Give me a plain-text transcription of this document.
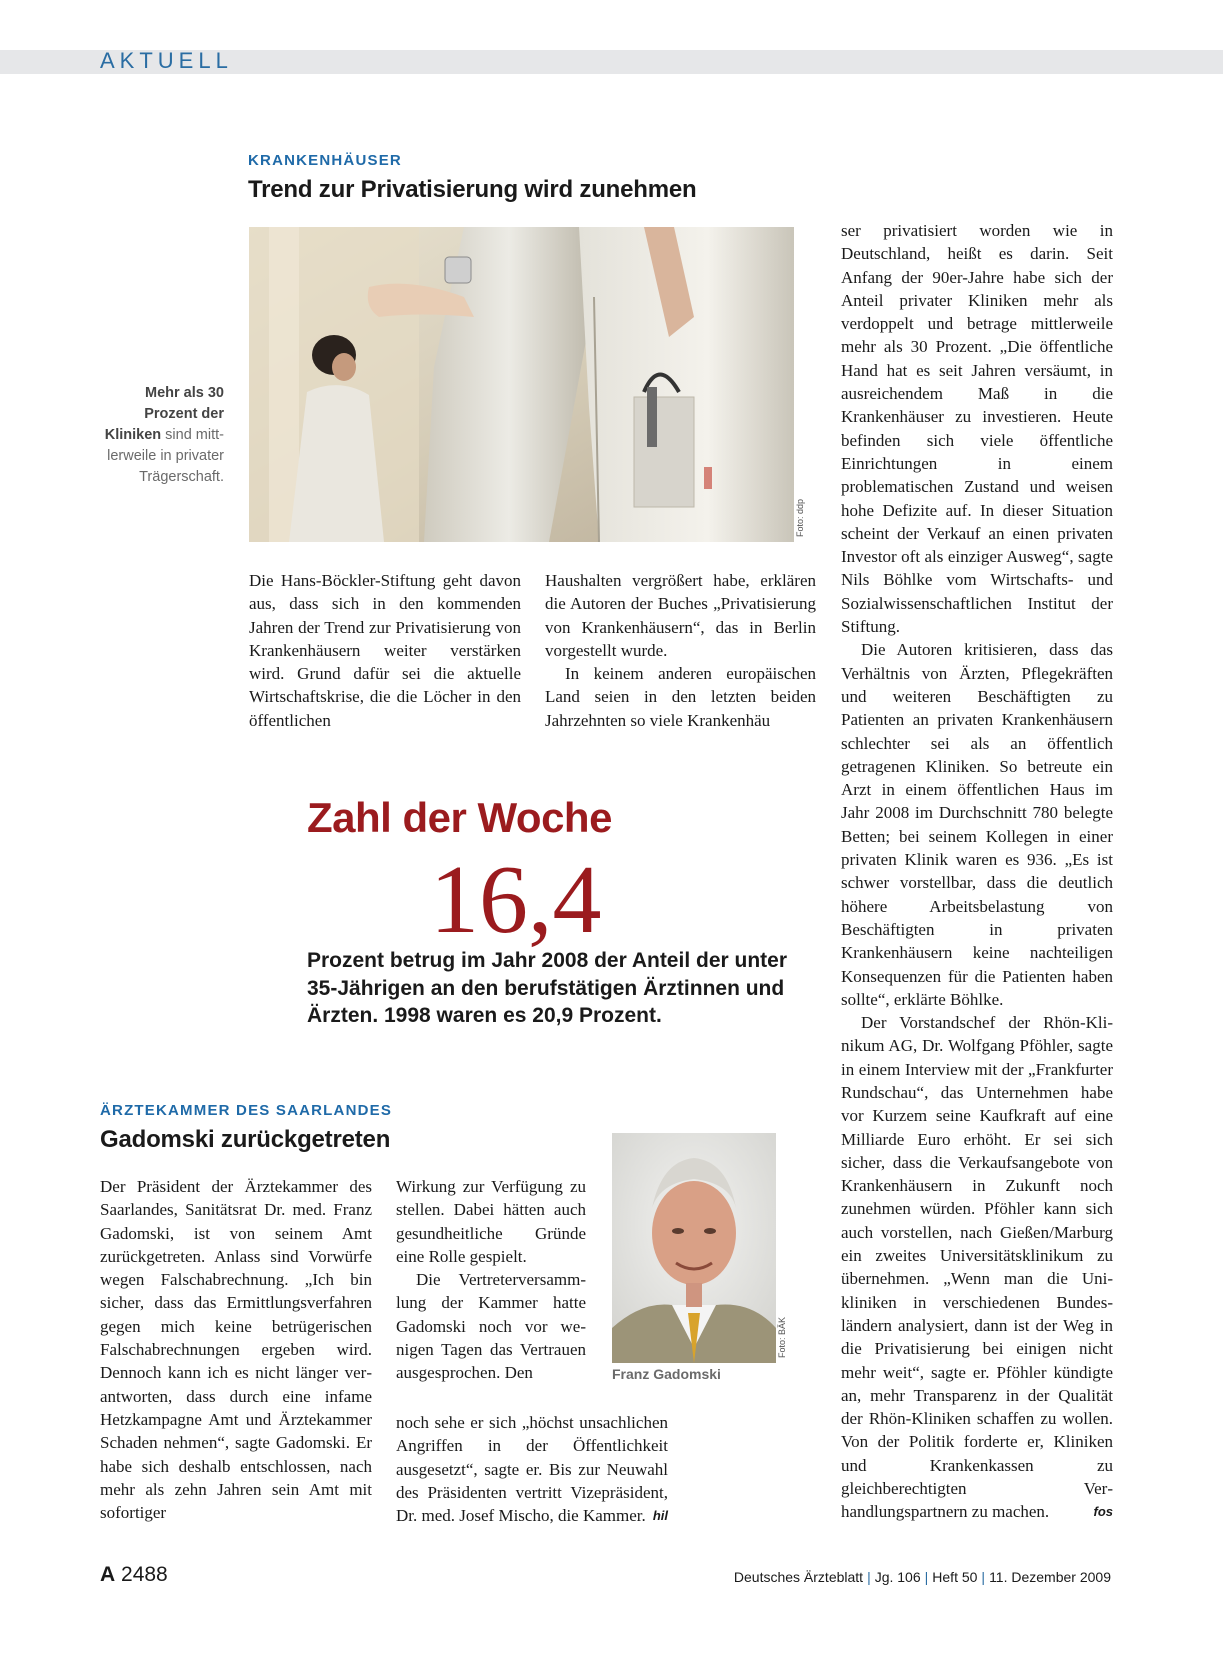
AKTUELL
KRANKENHÄUSER
Trend zur Privatisierung wird zunehmen
Mehr als 30 Prozent der Kliniken sind mittlerweile in privater Trägerschaft.
Foto: ddp

Die Hans-Böckler-Stiftung geht davon aus, dass sich in den kommenden Jahren der Trend zur Privatisierung von Krankenhäusern weiter verstärken wird. Grund dafür sei die aktuelle Wirtschaftskrise, die die Löcher in den öffentlichen

Haushalten vergrößert habe, erklären die Autoren der Buches „Privatisierung von Krankenhäusern“, das in Berlin vorgestellt wurde.

In keinem anderen europäischen Land seien in den letzten beiden Jahrzehnten so viele Krankenhäu

ser privatisiert worden wie in Deutschland, heißt es darin. Seit Anfang der 90er-Jahre habe sich der Anteil privater Kliniken mehr als verdoppelt und betrage mittlerweile mehr als 30 Prozent. „Die öffentliche Hand hat es seit Jahren versäumt, in ausreichendem Maß in die Krankenhäuser zu investieren. Heute befinden sich viele öffentliche Einrichtungen in einem problematischen Zustand und weisen hohe Defizite auf. In dieser Situation scheint der Verkauf an einen privaten Investor oft als einziger Ausweg“, sagte Nils Böhlke vom Wirtschafts- und Sozialwissenschaftlichen Institut der Stiftung.

Die Autoren kritisieren, dass das Verhältnis von Ärzten, Pflegekräften und weiteren Beschäftigten zu Patienten an privaten Krankenhäusern schlechter sei als an öffentlich getragenen Kliniken. So betreute ein Arzt in einem öffentlichen Haus im Jahr 2008 im Durchschnitt 780 belegte Betten; bei seinem Kollegen in einer privaten Klinik waren es 936. „Es ist schwer vorstellbar, dass die deutlich höhere Arbeitsbelastung von Beschäftigten in privaten Krankenhäusern keine nachteiligen Konsequenzen für die Patienten haben sollte“, erklärte Böhlke.

Der Vorstandschef der Rhön-Klinikum AG, Dr. Wolfgang Pföhler, sagte in einem Interview mit der „Frankfurter Rundschau“, das Unternehmen habe vor Kurzem seine Kaufkraft auf eine Milliarde Euro erhöht. Er sei sich sicher, dass die Verkaufsangebote von Krankenhäusern in Zukunft noch zunehmen würden. Pföhler kann sich auch vorstellen, nach Gießen/Marburg ein zweites Universitätsklinikum zu übernehmen. „Wenn man die Unikliniken in verschiedenen Bundesländern analysiert, dann ist der Weg in die Privatisierung bei einigen nicht mehr weit“, sagte er. Pföhler kündigte an, mehr Transparenz in der Qualität der Rhön-Kliniken schaffen zu wollen. Von der Politik forderte er, Kliniken und Krankenkassen zu gleichberechtigten Verhandlungspartnern zu machen.	fos

Zahl der Woche
16,4
Prozent betrug im Jahr 2008 der Anteil der unter 35-Jährigen an den berufstätigen Ärztinnen und Ärzten. 1998 waren es 20,9 Prozent.
ÄRZTEKAMMER DES SAARLANDES
Gadomski zurückgetreten

Der Präsident der Ärztekammer des Saarlandes, Sanitätsrat Dr. med. Franz Gadomski, ist von seinem Amt zurückgetreten. Anlass sind Vorwürfe wegen Falschabrechnung. „Ich bin sicher, dass das Ermittlungsverfahren gegen mich keine betrügerischen Falschabrechnungen ergeben wird. Dennoch kann ich es nicht länger verantworten, dass durch eine infame Hetzkampagne Amt und Ärztekammer Schaden nehmen“, sagte Gadomski. Er habe sich deshalb entschlossen, nach mehr als zehn Jahren sein Amt mit sofortiger

Wirkung zur Verfügung zu stellen. Dabei hätten auch gesundheitliche Gründe eine Rolle gespielt.

Die Vertreterversammlung der Kammer hatte Gadomski noch vor wenigen Tagen das Vertrauen ausgesprochen. Den

noch sehe er sich „höchst unsachlichen Angriffen in der Öffentlichkeit ausgesetzt“, sagte er. Bis zur Neuwahl des Präsidenten vertritt Vizepräsident, Dr. med. Josef Mischo, die Kammer. hil

Foto: BÄK
Franz Gadomski
A 2488	Deutsches Ärzteblatt | Jg. 106 | Heft 50 | 11. Dezember 2009
